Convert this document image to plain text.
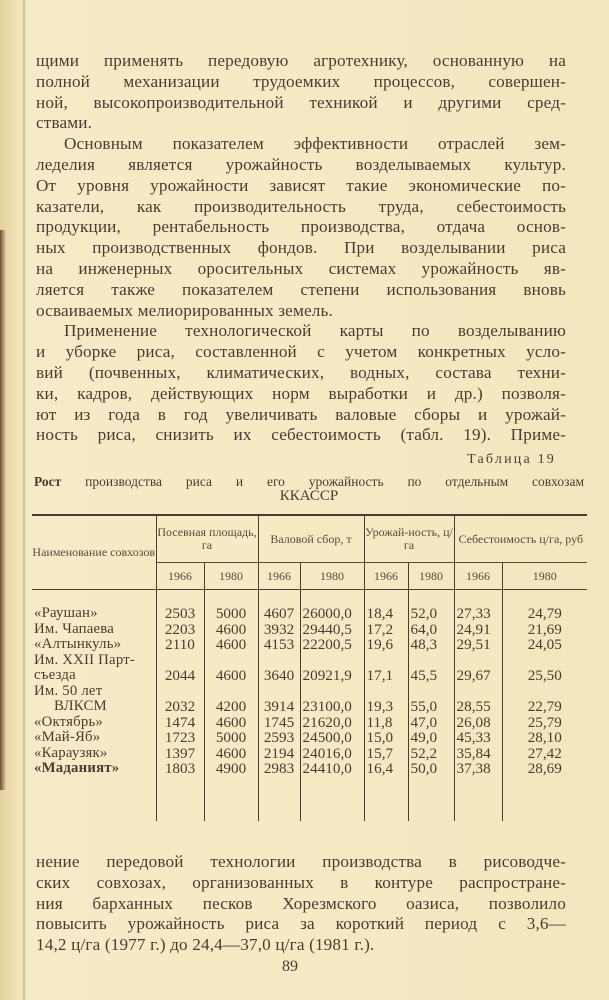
щими применять передовую агротехнику, основанную на
полной механизации трудоемких процессов, совершен-
ной, высокопроизводительной техникой и другими сред-
ствами.
Основным показателем эффективности отраслей зем-
леделия является урожайность возделываемых культур.
От уровня урожайности зависят такие экономические по-
казатели, как производительность труда, себестоимость
продукции, рентабельность производства, отдача основ-
ных производственных фондов. При возделывании риса
на инженерных оросительных системах урожайность яв-
ляется также показателем степени использования вновь
осваиваемых мелиорированных земель.
Применение технологической карты по возделыванию
и уборке риса, составленной с учетом конкретных усло-
вий (почвенных, климатических, водных, состава техни-
ки, кадров, действующих норм выработки и др.) позволя-
ют из года в год увеличивать валовые сборы и урожай-
ность риса, снизить их себестоимость (табл. 19). Приме-
Таблица 19
Рост производства риса и его урожайность по отдельным совхозам
ККАССР
Наименование совхозов	Посевная площадь, га		Валовой сбор, т		Урожай-ность, ц/га		Себестоимость ц/га, руб	
	1966	1980	1966	1980	1966	1980	1966	1980

«Раушан»	2503	5000	4607	26000,0	18,4	52,0	27,33	24,79
Им. Чапаева	2203	4600	3932	29440,5	17,2	64,0	24,91	21,69
«Алтынкуль»	2110	4600	4153	22200,5	19,6	48,3	29,51	24,05
Им. XXII Парт-								
съезда	2044	4600	3640	20921,9	17,1	45,5	29,67	25,50
Им. 50 лет								
ВЛКСМ	2032	4200	3914	23100,0	19,3	55,0	28,55	22,79
«Октябрь»	1474	4600	1745	21620,0	11,8	47,0	26,08	25,79
«Май-Яб»	1723	5000	2593	24500,0	15,0	49,0	45,33	28,10
«Караузяк»	1397	4600	2194	24016,0	15,7	52,2	35,84	27,42
«Маданият»	1803	4900	2983	24410,0	16,4	50,0	37,38	28,69

нение передовой технологии производства в рисоводче-
ских совхозах, организованных в контуре распростране-
ния барханных песков Хорезмского оазиса, позволило
повысить урожайность риса за короткий период с 3,6—
14,2 ц/га (1977 г.) до 24,4—37,0 ц/га (1981 г.).
89
